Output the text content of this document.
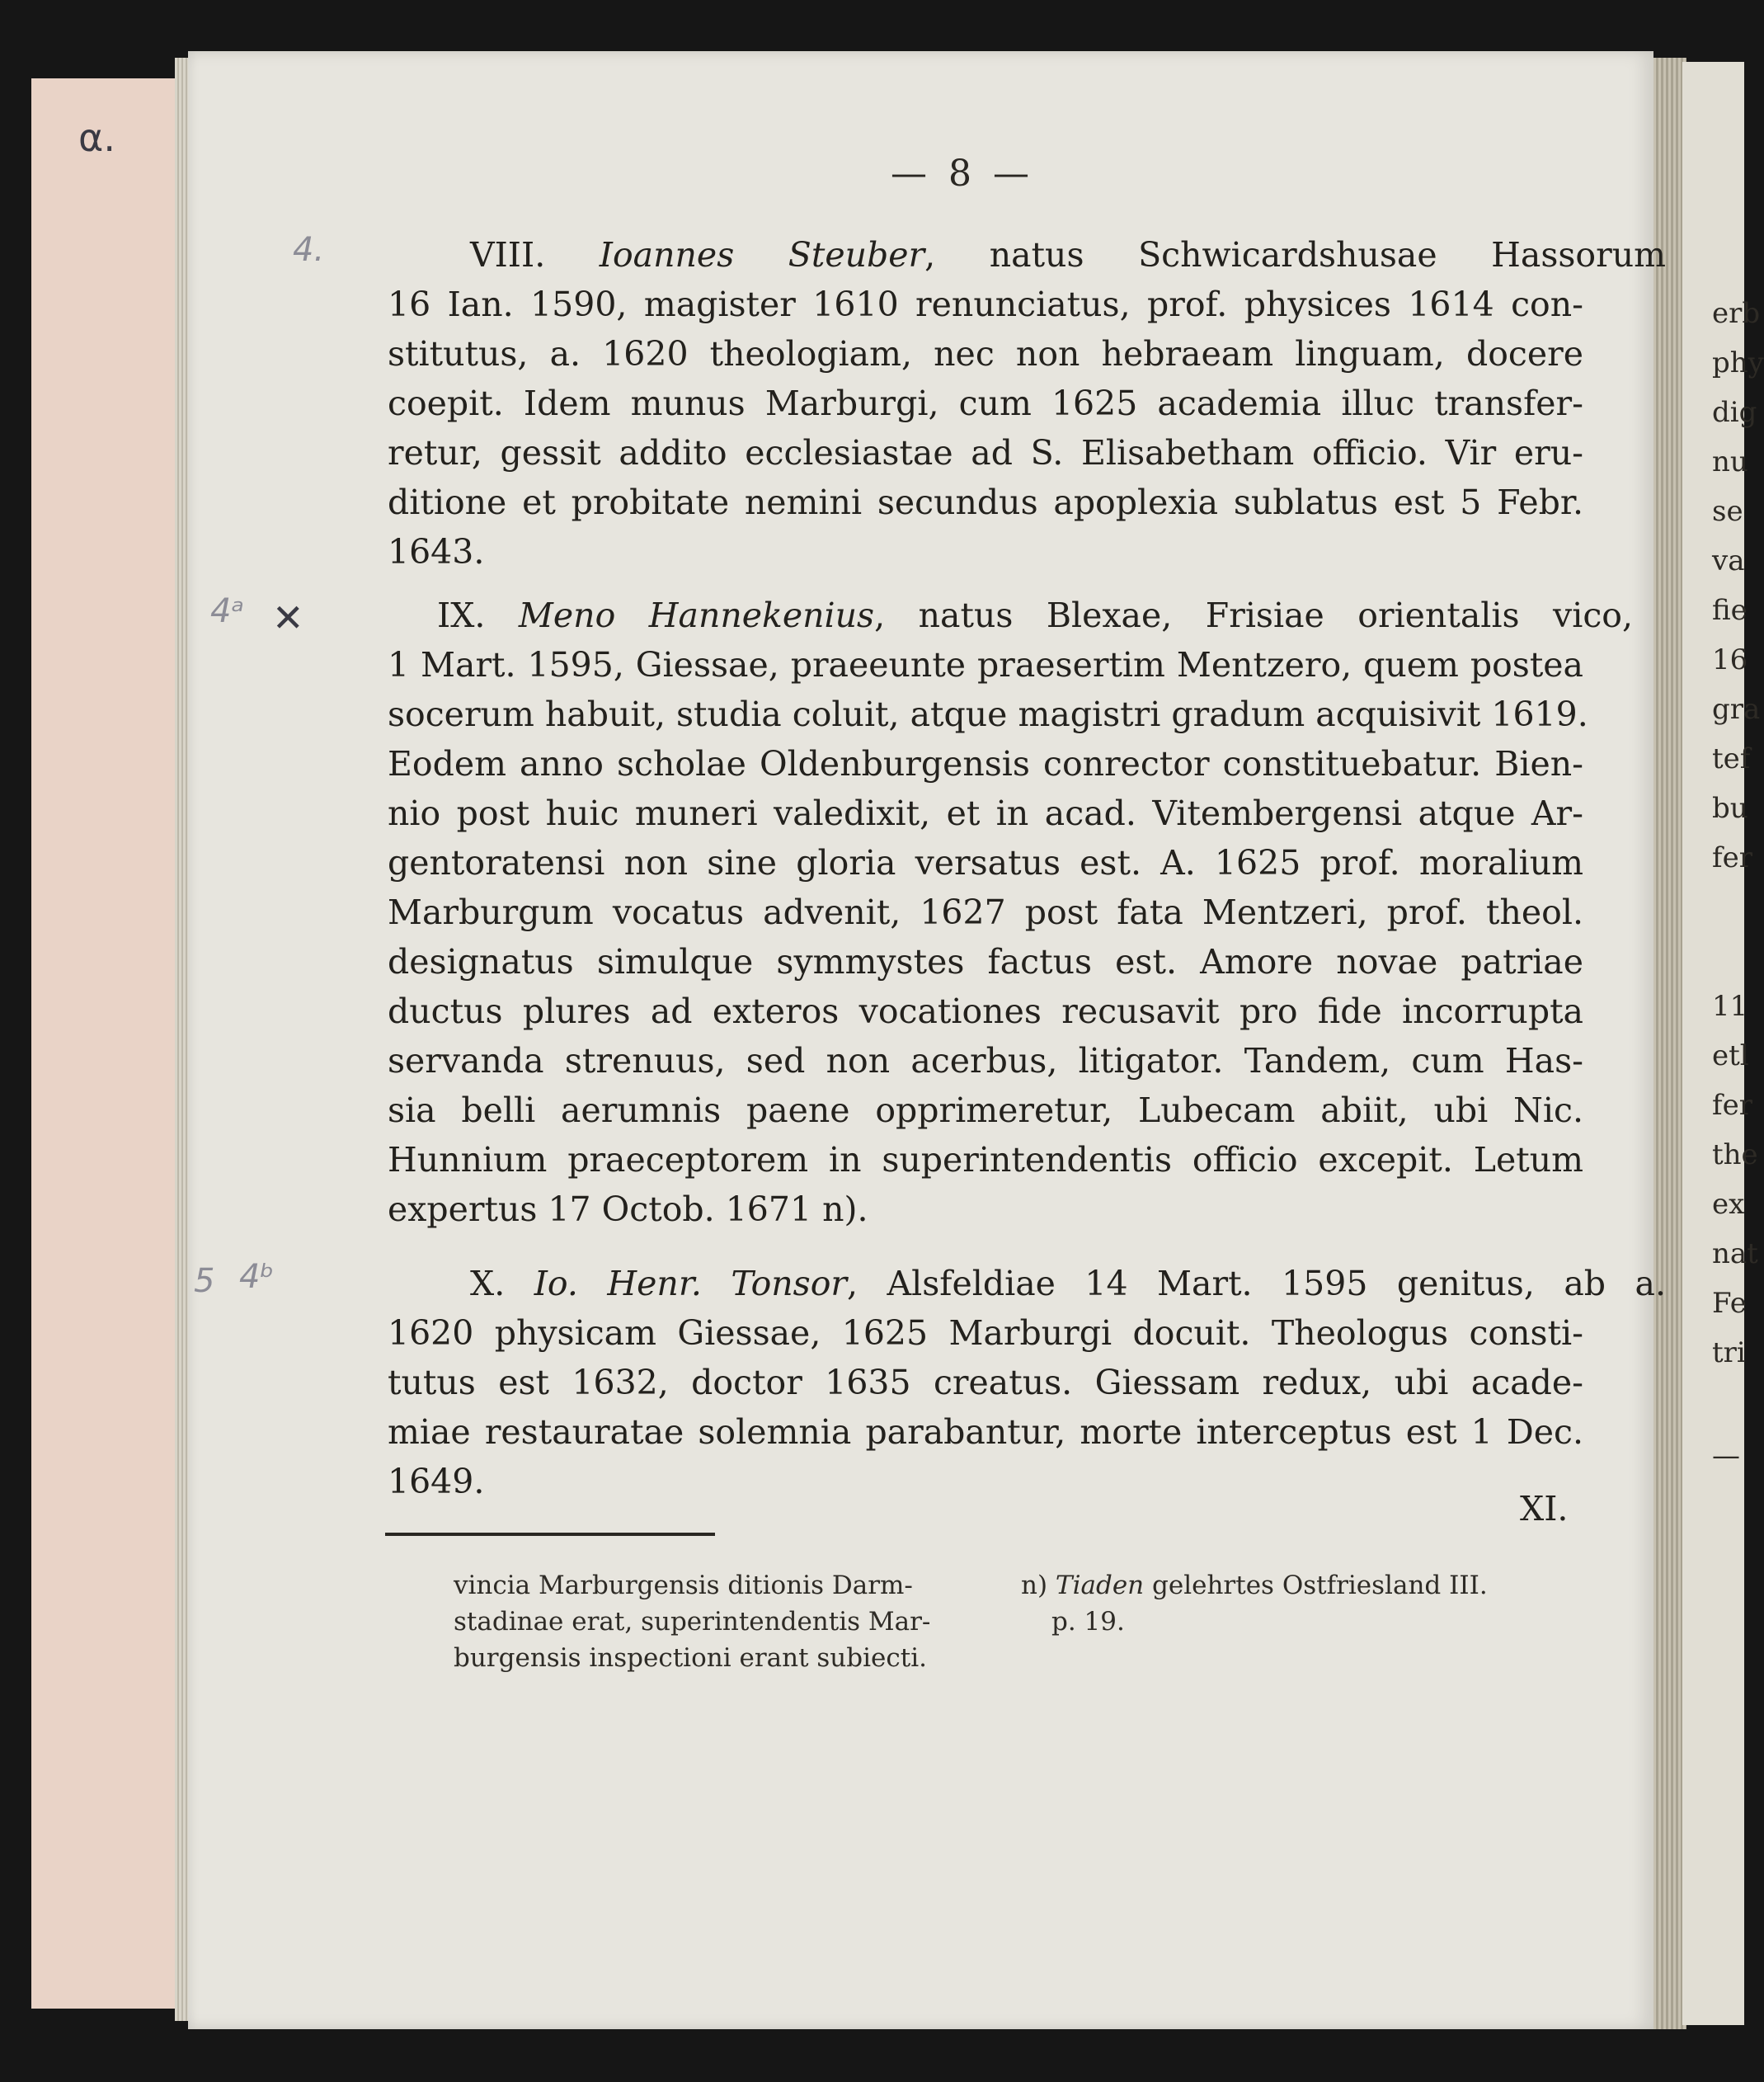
erb
phy
dig
nu
se
va
fie
16
gra
tef
bu
fer
11
etl
fer
the
ex
nat
Fe
tri
—
α.
4.
4ᵃ ✕
5 4ᵇ
— 8 —
VIII. Ioannes Steuber, natus Schwicardshusae Hassorum
16 Ian. 1590, magister 1610 renunciatus, prof. physices 1614 con-
stitutus, a. 1620 theologiam, nec non hebraeam linguam, docere
coepit. Idem munus Marburgi, cum 1625 academia illuc transfer-
retur, gessit addito ecclesiastae ad S. Elisabetham officio. Vir eru-
ditione et probitate nemini secundus apoplexia sublatus est 5 Febr.
1643.
IX. Meno Hannekenius, natus Blexae, Frisiae orientalis vico,
1 Mart. 1595, Giessae, praeeunte praesertim Mentzero, quem postea
socerum habuit, studia coluit, atque magistri gradum acquisivit 1619.
Eodem anno scholae Oldenburgensis conrector constituebatur. Bien-
nio post huic muneri valedixit, et in acad. Vitembergensi atque Ar-
gentoratensi non sine gloria versatus est. A. 1625 prof. moralium
Marburgum vocatus advenit, 1627 post fata Mentzeri, prof. theol.
designatus simulque symmystes factus est. Amore novae patriae
ductus plures ad exteros vocationes recusavit pro fide incorrupta
servanda strenuus, sed non acerbus, litigator. Tandem, cum Has-
sia belli aerumnis paene opprimeretur, Lubecam abiit, ubi Nic.
Hunnium praeceptorem in superintendentis officio excepit. Letum
expertus 17 Octob. 1671 n).
X. Io. Henr. Tonsor, Alsfeldiae 14 Mart. 1595 genitus, ab a.
1620 physicam Giessae, 1625 Marburgi docuit. Theologus consti-
tutus est 1632, doctor 1635 creatus. Giessam redux, ubi acade-
miae restauratae solemnia parabantur, morte interceptus est 1 Dec.
1649.
XI.
vincia Marburgensis ditionis Darm-
stadinae erat, superintendentis Mar-
burgensis inspectioni erant subiecti.
n) Tiaden gelehrtes Ostfriesland III.
p. 19.
